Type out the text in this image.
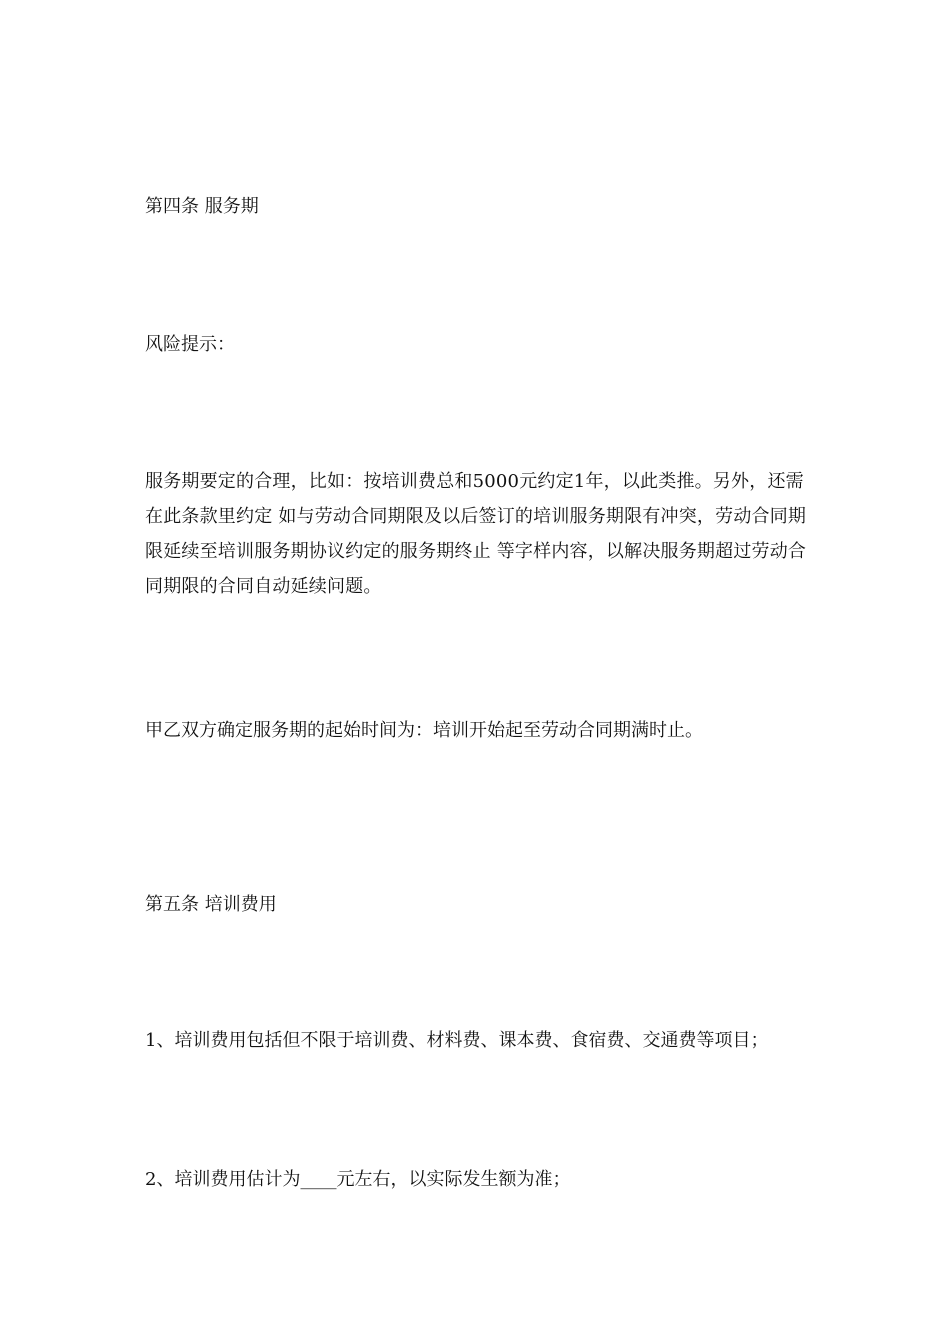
第四条 服务期
风险提示：
服务期要定的合理，比如：按培训费总和5000元约定1年，以此类推。另外，还需在此条款里约定 如与劳动合同期限及以后签订的培训服务期限有冲突，劳动合同期限延续至培训服务期协议约定的服务期终止 等字样内容，以解决服务期超过劳动合同期限的合同自动延续问题。
甲乙双方确定服务期的起始时间为：培训开始起至劳动合同期满时止。
第五条 培训费用
1、培训费用包括但不限于培训费、材料费、课本费、食宿费、交通费等项目；
2、培训费用估计为____元左右，以实际发生额为准；
